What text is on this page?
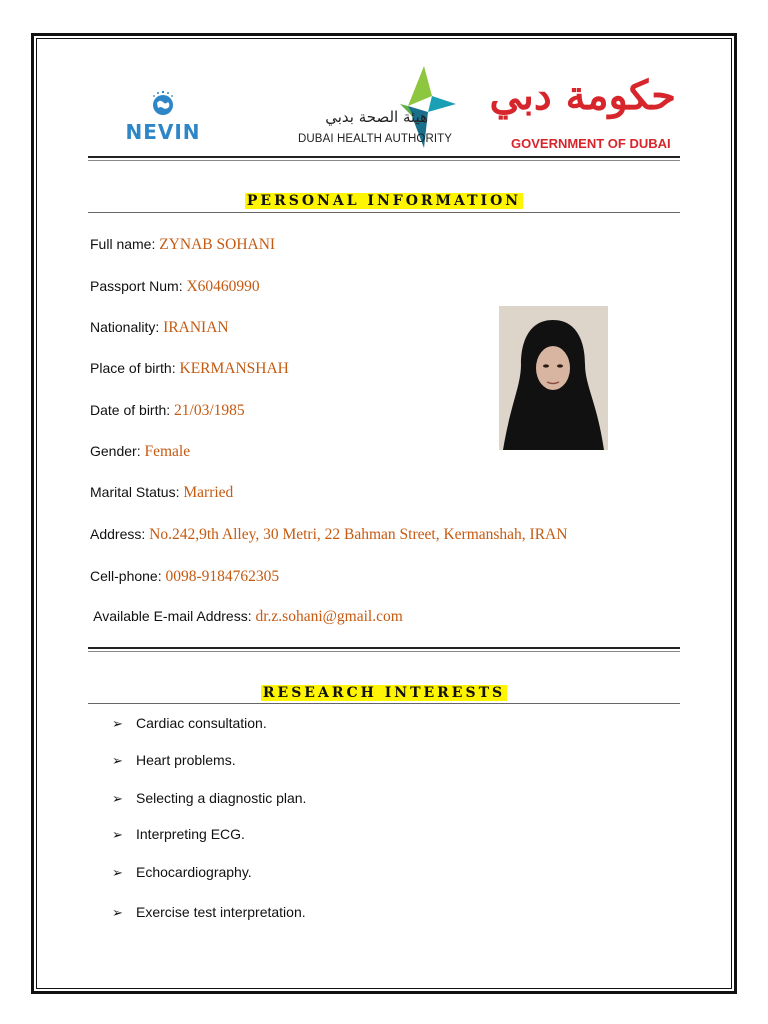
NEVIN
هيئة الصحة بدبي
DUBAI HEALTH AUTHORITY
حكومة دبي
GOVERNMENT OF DUBAI
PERSONAL INFORMATION
Full name: ZYNAB SOHANI
Passport Num: X60460990
Nationality: IRANIAN
Place of birth: KERMANSHAH
Date of birth: 21/03/1985
Gender: Female
Marital Status: Married
Address: No.242,9th Alley, 30 Metri, 22 Bahman Street, Kermanshah, IRAN
Cell-phone: 0098-9184762305
Available E-mail Address: dr.z.sohani@gmail.com
RESEARCH INTERESTS
➢ Cardiac consultation.
➢ Heart problems.
➢ Selecting a diagnostic plan.
➢ Interpreting ECG.
➢ Echocardiography.
➢ Exercise test interpretation.
